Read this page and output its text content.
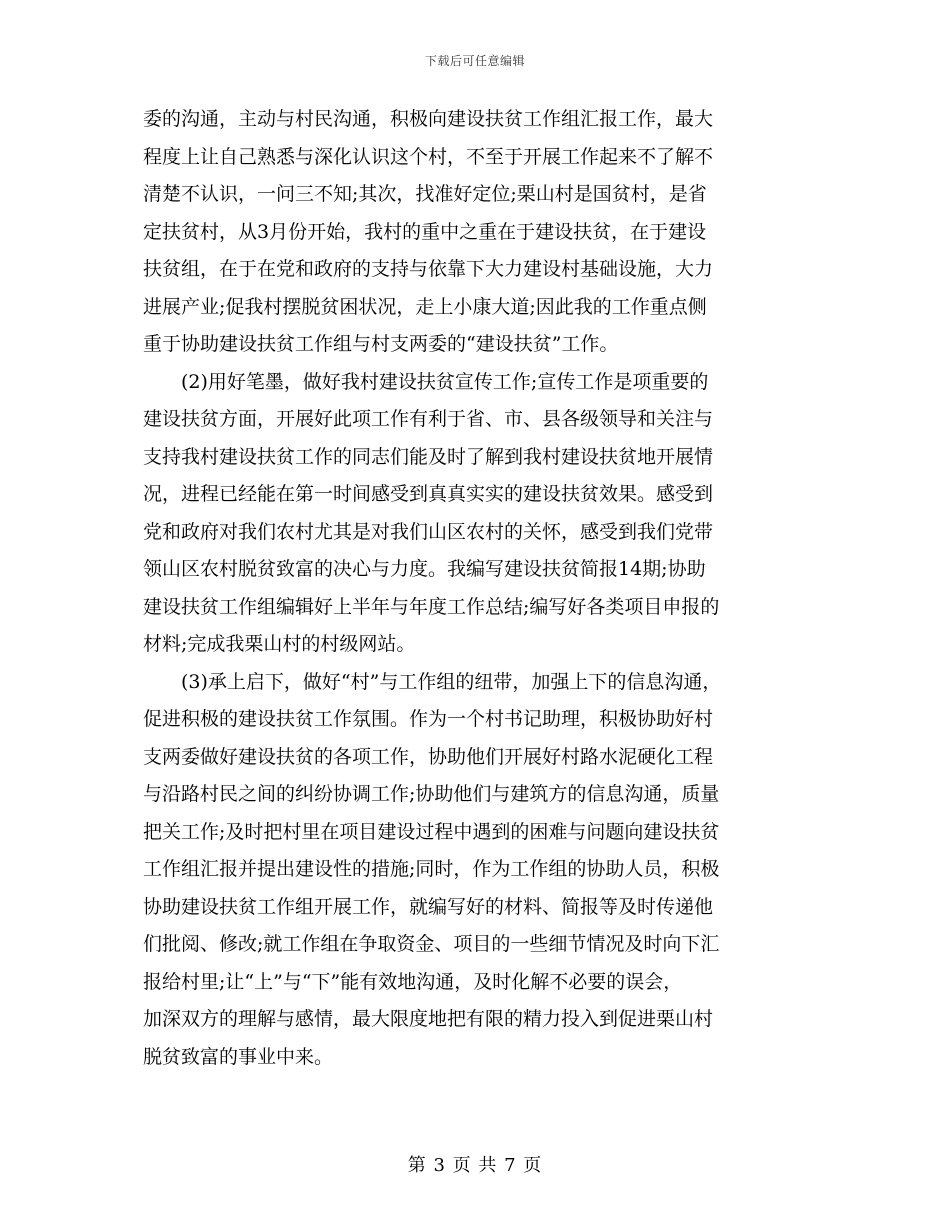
下载后可任意编辑
委的沟通，主动与村民沟通，积极向建设扶贫工作组汇报工作，最大
程度上让自己熟悉与深化认识这个村，不至于开展工作起来不了解不
清楚不认识，一问三不知;其次，找准好定位;栗山村是国贫村，是省
定扶贫村，从3月份开始，我村的重中之重在于建设扶贫，在于建设
扶贫组，在于在党和政府的支持与依靠下大力建设村基础设施，大力
进展产业;促我村摆脱贫困状况，走上小康大道;因此我的工作重点侧
重于协助建设扶贫工作组与村支两委的“建设扶贫”工作。
(2)用好笔墨，做好我村建设扶贫宣传工作;宣传工作是项重要的
建设扶贫方面，开展好此项工作有利于省、市、县各级领导和关注与
支持我村建设扶贫工作的同志们能及时了解到我村建设扶贫地开展情
况，进程已经能在第一时间感受到真真实实的建设扶贫效果。感受到
党和政府对我们农村尤其是对我们山区农村的关怀，感受到我们党带
领山区农村脱贫致富的决心与力度。我编写建设扶贫简报14期;协助
建设扶贫工作组编辑好上半年与年度工作总结;编写好各类项目申报的
材料;完成我栗山村的村级网站。
(3)承上启下，做好“村”与工作组的纽带，加强上下的信息沟通，
促进积极的建设扶贫工作氛围。作为一个村书记助理，积极协助好村
支两委做好建设扶贫的各项工作，协助他们开展好村路水泥硬化工程
与沿路村民之间的纠纷协调工作;协助他们与建筑方的信息沟通，质量
把关工作;及时把村里在项目建设过程中遇到的困难与问题向建设扶贫
工作组汇报并提出建设性的措施;同时，作为工作组的协助人员，积极
协助建设扶贫工作组开展工作，就编写好的材料、简报等及时传递他
们批阅、修改;就工作组在争取资金、项目的一些细节情况及时向下汇
报给村里;让“上”与“下”能有效地沟通，及时化解不必要的误会，
加深双方的理解与感情，最大限度地把有限的精力投入到促进栗山村
脱贫致富的事业中来。
第 3 页 共 7 页
